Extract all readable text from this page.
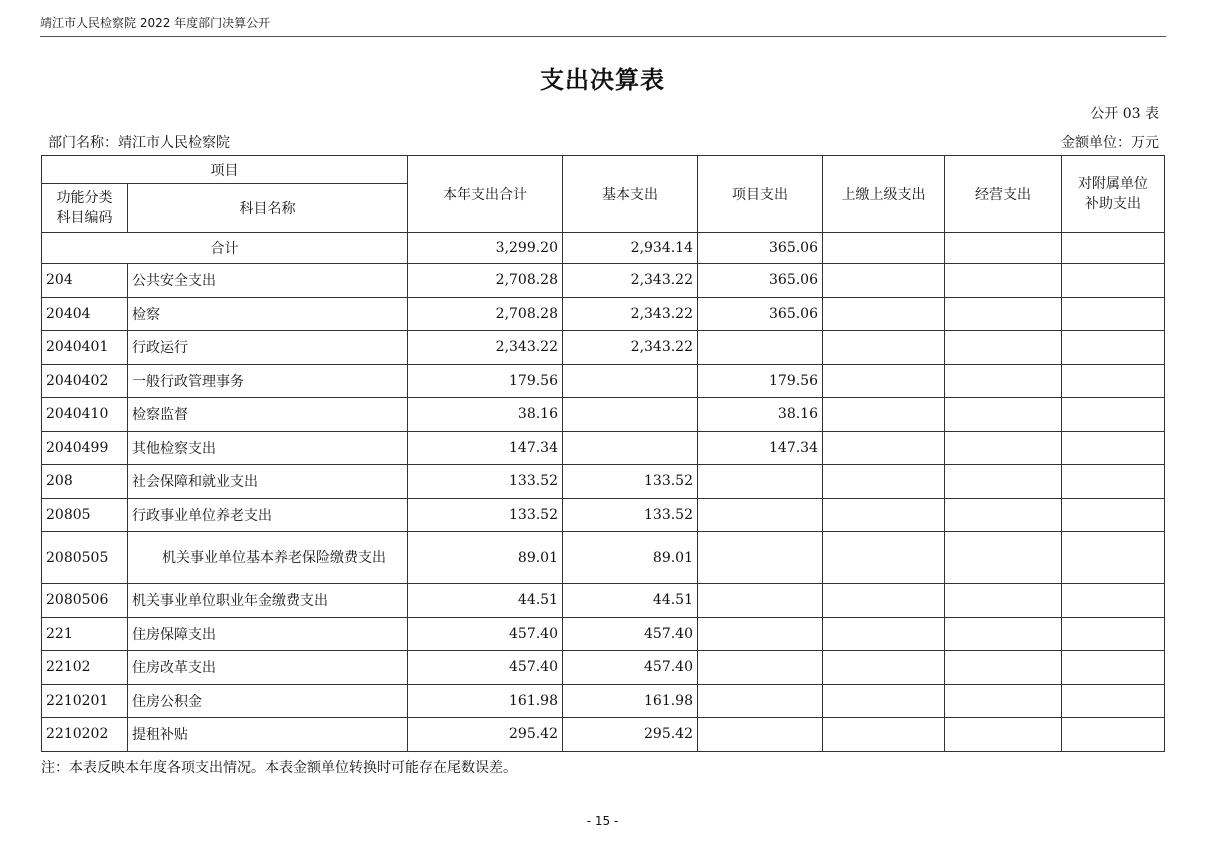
靖江市人民检察院 2022 年度部门决算公开
支出决算表
公开 03 表
部门名称：靖江市人民检察院	金额单位：万元
项目		本年支出合计	基本支出	项目支出	上缴上级支出	经营支出	对附属单位补助支出
功能分类科目编码	科目名称						
合计		3,299.20	2,934.14	365.06			
204	公共安全支出	2,708.28	2,343.22	365.06			
20404	检察	2,708.28	2,343.22	365.06			
2040401	行政运行	2,343.22	2,343.22				
2040402	一般行政管理事务	179.56		179.56			
2040410	检察监督	38.16		38.16			
2040499	其他检察支出	147.34		147.34			
208	社会保障和就业支出	133.52	133.52				
20805	行政事业单位养老支出	133.52	133.52				
2080505	机关事业单位基本养老保险缴费支出	89.01	89.01				
2080506	机关事业单位职业年金缴费支出	44.51	44.51				
221	住房保障支出	457.40	457.40				
22102	住房改革支出	457.40	457.40				
2210201	住房公积金	161.98	161.98				
2210202	提租补贴	295.42	295.42				
注：本表反映本年度各项支出情况。本表金额单位转换时可能存在尾数误差。
- 15 -
